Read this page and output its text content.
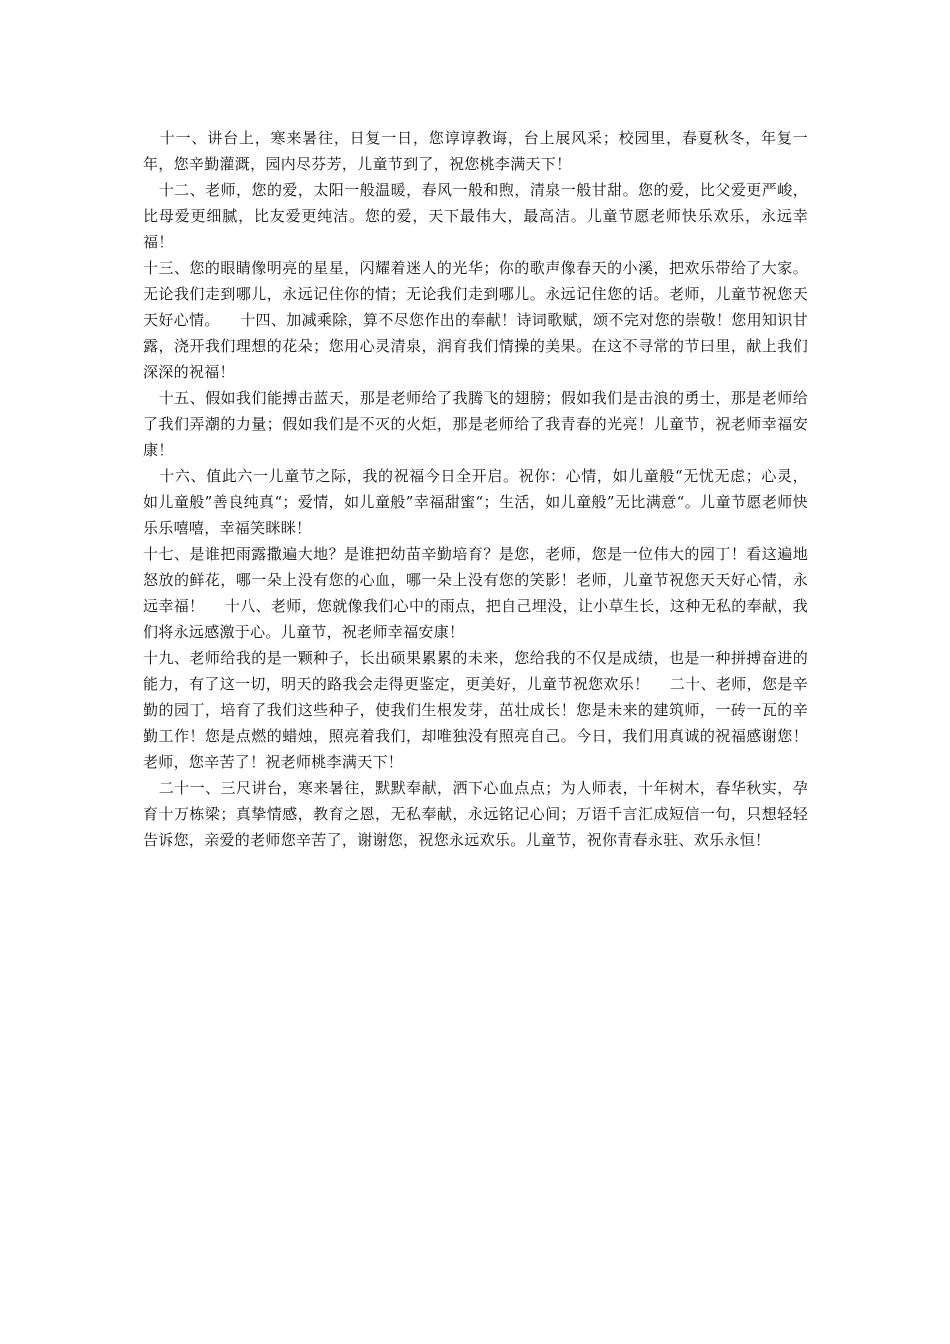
十一、讲台上，寒来暑往，日复一日，您谆谆教诲，台上展风采；校园里，春夏秋冬，年复一年，您辛勤灌溉，园内尽芬芳，儿童节到了，祝您桃李满天下！

十二、老师，您的爱，太阳一般温暖，春风一般和煦，清泉一般甘甜。您的爱，比父爱更严峻，比母爱更细腻，比友爱更纯洁。您的爱，天下最伟大，最高洁。儿童节愿老师快乐欢乐，永远幸福！

十三、您的眼睛像明亮的星星，闪耀着迷人的光华；你的歌声像春天的小溪，把欢乐带给了大家。无论我们走到哪儿，永远记住你的情；无论我们走到哪儿。永远记住您的话。老师，儿童节祝您天天好心情。    十四、加减乘除，算不尽您作出的奉献！诗词歌赋，颂不完对您的崇敬！您用知识甘露，浇开我们理想的花朵；您用心灵清泉，润育我们情操的美果。在这不寻常的节曰里，献上我们深深的祝福！

十五、假如我们能搏击蓝天，那是老师给了我腾飞的翅膀；假如我们是击浪的勇士，那是老师给了我们弄潮的力量；假如我们是不灭的火炬，那是老师给了我青春的光亮！儿童节，祝老师幸福安康！

十六、值此六一儿童节之际，我的祝福今日全开启。祝你：心情，如儿童般“无忧无虑；心灵，如儿童般”善良纯真“；爱情，如儿童般”幸福甜蜜“；生活，如儿童般”无比满意“。儿童节愿老师快乐乐嘻嘻，幸福笑眯眯！

十七、是谁把雨露撒遍大地？是谁把幼苗辛勤培育？是您，老师，您是一位伟大的园丁！看这遍地怒放的鲜花，哪一朵上没有您的心血，哪一朵上没有您的笑影！老师，儿童节祝您天天好心情，永远幸福！    十八、老师，您就像我们心中的雨点，把自己埋没，让小草生长，这种无私的奉献，我们将永远感激于心。儿童节，祝老师幸福安康！

十九、老师给我的是一颗种子，长出硕果累累的未来，您给我的不仅是成绩，也是一种拼搏奋进的能力，有了这一切，明天的路我会走得更鉴定，更美好，儿童节祝您欢乐！    二十、老师，您是辛勤的园丁，培育了我们这些种子，使我们生根发芽，茁壮成长！您是未来的建筑师，一砖一瓦的辛勤工作！您是点燃的蜡烛，照亮着我们，却唯独没有照亮自己。今日，我们用真诚的祝福感谢您！老师，您辛苦了！祝老师桃李满天下！

二十一、三尺讲台，寒来暑往，默默奉献，洒下心血点点；为人师表，十年树木，春华秋实，孕育十万栋梁；真挚情感，教育之恩，无私奉献，永远铭记心间；万语千言汇成短信一句，只想轻轻告诉您，亲爱的老师您辛苦了，谢谢您，祝您永远欢乐。儿童节，祝你青春永驻、欢乐永恒！
